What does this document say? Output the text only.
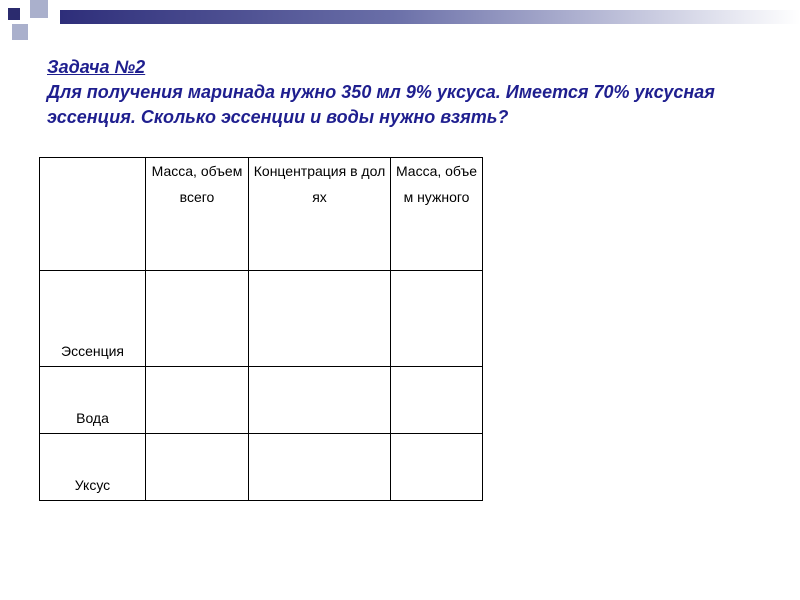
Задача №2
Для получения маринада нужно 350 мл 9% уксуса. Имеется 70% уксусная эссенция. Сколько эссенции и воды нужно взять?
	Масса, объем всего	Концентрация в долях	Масса, объем нужного
Эссенция			
Вода			
Уксус			
